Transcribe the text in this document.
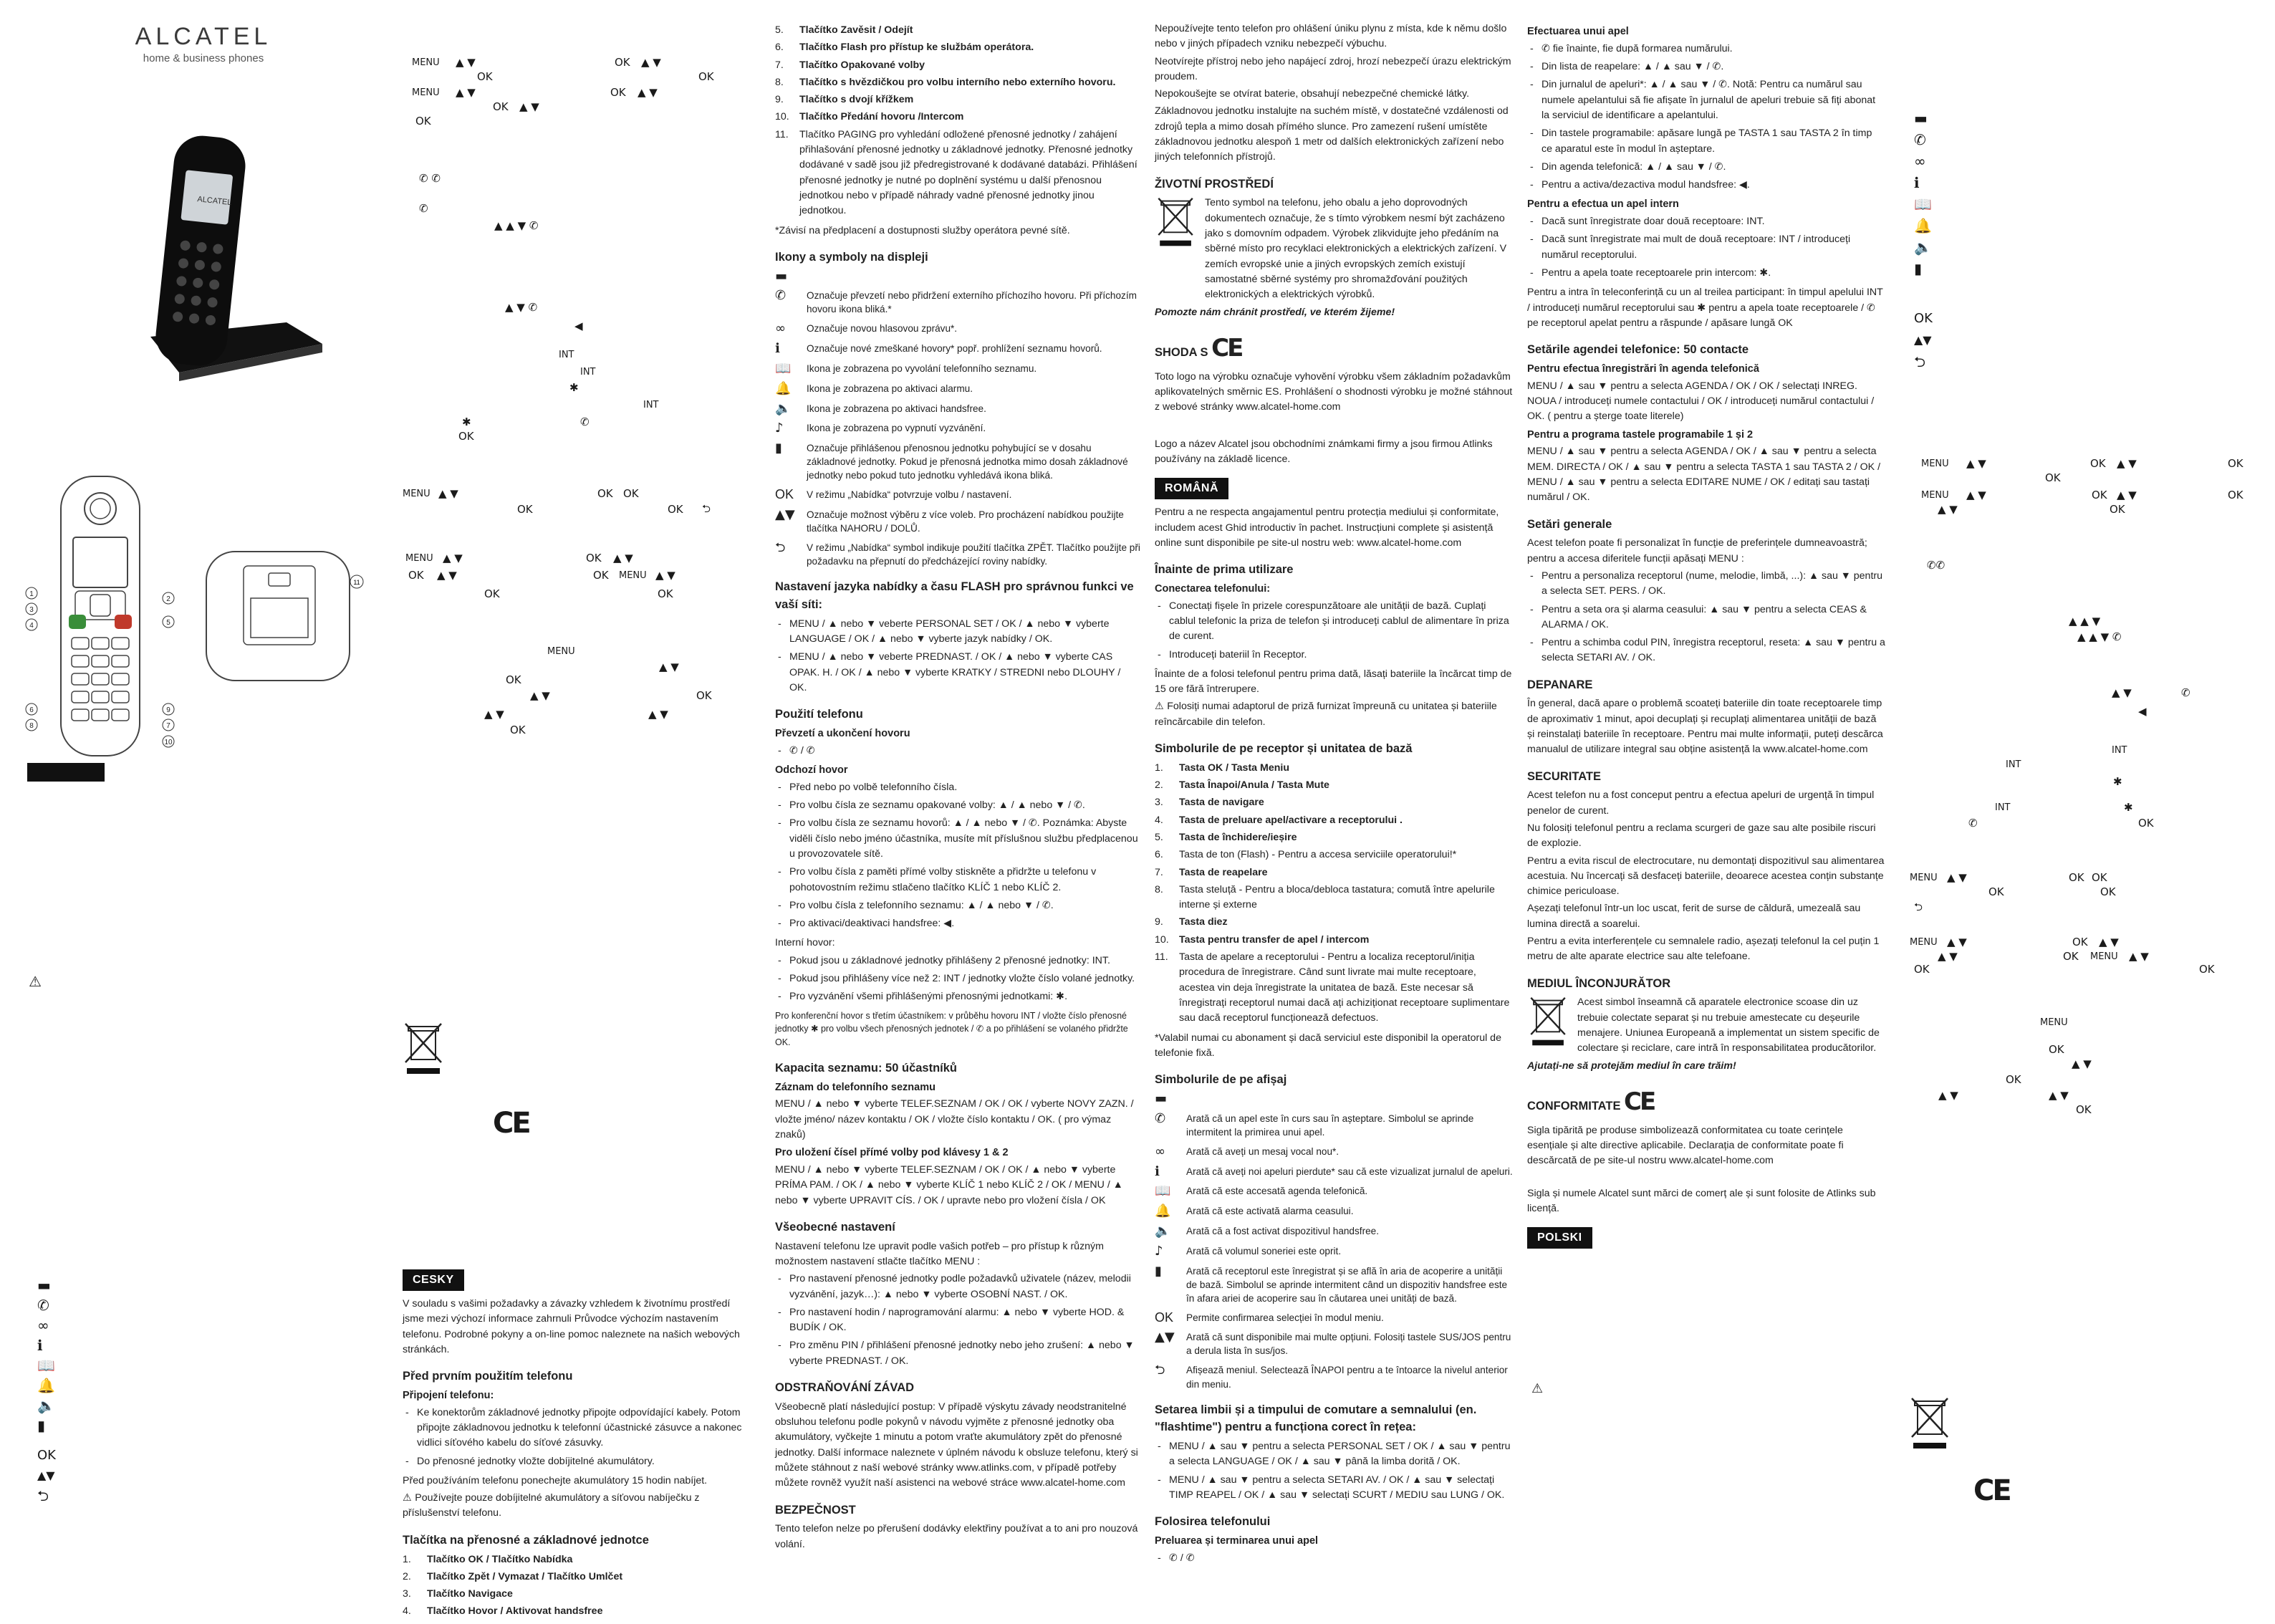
ALCATEL
home & business phones
ALCATEL
1
3
4
6
8
2
5
9
7
10
11
⚠
▬
✆
∞
ℹ
📖
🔔
🔈
▮
OK
▲▼
⮌
MENU ▲ ▼	OK ▲ ▼
OK	OK
MENU ▲ ▼	OK ▲ ▼
OK ▲ ▼
OK
✆ ✆
✆
▲ ▲ ▼ ✆
▲ ▼ ✆
◀
INT
INT
✱
INT
✱	✆
OK
MENU ▲ ▼	OK OK
OK	OK ⮌
MENU ▲ ▼	OK ▲ ▼
OK ▲ ▼	OK MENU ▲ ▼
OK	OK
MENU
▲ ▼
OK
▲ ▼	OK
▲ ▼	▲ ▼
OK
CE
CESKY

V souladu s vašimi požadavky a závazky vzhledem k životnímu prostředí jsme mezi výchozí informace zahrnuli Průvodce výchozím nastavením telefonu. Podrobné pokyny a on-line pomoc naleznete na našich webových stránkách.

Před prvním použitím telefonu
Připojení telefonu:
- Ke konektorům základnové jednotky připojte odpovídající kabely. Potom připojte základnovou jednotku k telefonní účastnické zásuvce a nakonec vidlici síťového kabelu do síťové zásuvky.
- Do přenosné jednotky vložte dobíjitelné akumulátory.

Před používáním telefonu ponechejte akumulátory 15 hodin nabíjet.

⚠ Používejte pouze dobíjitelné akumulátory a síťovou nabíječku z příslušenství telefonu.

Tlačítka na přenosné a základnové jednotce
1. Tlačítko OK / Tlačítko Nabídka
2. Tlačítko Zpět / Vymazat / Tlačítko Umlčet
3. Tlačítko Navigace
4. Tlačítko Hovor / Aktivovat handsfree
5. Tlačítko Zavěsit / Odejít
6. Tlačítko Flash pro přístup ke službám operátora.
7. Tlačítko Opakované volby
8. Tlačítko s hvězdičkou pro volbu interního nebo externího hovoru.
9. Tlačítko s dvojí křížkem
10. Tlačítko Předání hovoru /Intercom
11. Tlačítko PAGING pro vyhledání odložené přenosné jednotky / zahájení přihlašování přenosné jednotky u základnové jednotky. Přenosné jednotky dodávané v sadě jsou již předregistrované k dodávané databázi. Přihlášení přenosné jednotky je nutné po doplnění systému u další přenosnou jednotkou nebo v případě náhrady vadné přenosné jednotky jinou jednotkou.

*Závisí na předplacení a dostupnosti služby operátora pevné sítě.

Ikony a symboly na displeji
▬
✆	Označuje převzetí nebo přidržení externího příchozího hovoru. Při příchozím hovoru ikona bliká.*
∞	Označuje novou hlasovou zprávu*.
ℹ	Označuje nové zmeškané hovory* popř. prohlížení seznamu hovorů.
📖	Ikona je zobrazena po vyvolání telefonního seznamu.
🔔	Ikona je zobrazena po aktivaci alarmu.
🔈	Ikona je zobrazena po aktivaci handsfree.
♪	Ikona je zobrazena po vypnutí vyzvánění.
▮	Označuje přihlášenou přenosnou jednotku pohybující se v dosahu základnové jednotky. Pokud je přenosná jednotka mimo dosah základnové jednotky nebo pokud tuto jednotku vyhledává ikona bliká.
OK	V režimu „Nabídka“ potvrzuje volbu / nastavení.
▲▼	Označuje možnost výběru z více voleb. Pro procházení nabídkou použijte tlačítka NAHORU / DOLŮ.
⮌	V režimu „Nabídka“ symbol indikuje použití tlačítka ZPĚT. Tlačítko použijte při požadavku na přepnutí do předcházející roviny nabídky.
Nastavení jazyka nabídky a času FLASH pro správnou funkci ve vaší síti:
- MENU / ▲ nebo ▼ veberte PERSONAL SET / OK / ▲ nebo ▼ vyberte LANGUAGE / OK / ▲ nebo ▼ vyberte jazyk nabídky / OK.
- MENU / ▲ nebo ▼ veberte PREDNAST. / OK / ▲ nebo ▼ vyberte CAS OPAK. H. / OK / ▲ nebo ▼ vyberte KRATKY / STREDNI nebo DLOUHY / OK.
Použití telefonu
Převzetí a ukončení hovoru
- ✆ / ✆
Odchozí hovor
- Před nebo po volbě telefonního čísla.
- Pro volbu čísla ze seznamu opakované volby: ▲ / ▲ nebo ▼ / ✆.
- Pro volbu čísla ze seznamu hovorů: ▲ / ▲ nebo ▼ / ✆. Poznámka: Abyste viděli číslo nebo jméno účastníka, musíte mít příslušnou službu předplacenou u provozovatele sítě.
- Pro volbu čísla z paměti přímé volby stiskněte a přidržte u telefonu v pohotovostním režimu stlačeno tlačítko KLÍČ 1 nebo KLÍČ 2.
- Pro volbu čísla z telefonního seznamu: ▲ / ▲ nebo ▼ / ✆.
- Pro aktivaci/deaktivaci handsfree: ◀.

Interní hovor:

- Pokud jsou u základnové jednotky přihlášeny 2 přenosné jednotky: INT.
- Pokud jsou přihlášeny více než 2: INT / jednotky vložte číslo volané jednotky.
- Pro vyzvánění všemi přihlášenými přenosnými jednotkami: ✱.

Pro konferenční hovor s třetím účastníkem: v průběhu hovoru INT / vložte číslo přenosné jednotky ✱ pro volbu všech přenosných jednotek / ✆ a po přihlášení se volaného přidržte OK.

Kapacita seznamu: 50 účastníků
Záznam do telefonního seznamu

MENU / ▲ nebo ▼ vyberte TELEF.SEZNAM / OK / OK / vyberte NOVY ZAZN. / vložte jméno/ název kontaktu / OK / vložte číslo kontaktu / OK. ( pro výmaz znaků)

Pro uložení čísel přímé volby pod klávesy 1 & 2

MENU / ▲ nebo ▼ vyberte TELEF.SEZNAM / OK / OK / ▲ nebo ▼ vyberte PRÍMA PAM. / OK / ▲ nebo ▼ vyberte KLÍČ 1 nebo KLÍČ 2 / OK / MENU / ▲ nebo ▼ vyberte UPRAVIT CÍS. / OK / upravte nebo pro vložení čísla / OK

Všeobecné nastavení

Nastavení telefonu lze upravit podle vašich potřeb – pro přístup k různým možnostem nastavení stlačte tlačítko MENU :

- Pro nastavení přenosné jednotky podle požadavků uživatele (název, melodii vyzvánění, jazyk…): ▲ nebo ▼ vyberte OSOBNÍ NAST. / OK.
- Pro nastavení hodin / naprogramování alarmu: ▲ nebo ▼ vyberte HOD. & BUDÍK / OK.
- Pro změnu PIN / přihlášení přenosné jednotky nebo jeho zrušení: ▲ nebo ▼ vyberte PREDNAST. / OK.
ODSTRAŇOVÁNÍ ZÁVAD

Všeobecně platí následující postup: V případě výskytu závady neodstranitelné obsluhou telefonu podle pokynů v návodu vyjměte z přenosné jednotky oba akumulátory, vyčkejte 1 minutu a potom vraťte akumulátory zpět do přenosné jednotky. Další informace naleznete v úplném návodu k obsluze telefonu, který si můžete stáhnout z naší webové stránky www.atlinks.com, v případě potřeby můžete rovněž využít naší asistenci na webové stráce www.alcatel-home.com

BEZPEČNOST

Tento telefon nelze po přerušení dodávky elektřiny používat a to ani pro nouzová volání.

Nepoužívejte tento telefon pro ohlášení úniku plynu z místa, kde k němu došlo nebo v jiných případech vzniku nebezpečí výbuchu.

Neotvírejte přístroj nebo jeho napájecí zdroj, hrozí nebezpečí úrazu elektrickým proudem.

Nepokoušejte se otvírat baterie, obsahují nebezpečné chemické látky.

Základnovou jednotku instalujte na suchém místě, v dostatečné vzdálenosti od zdrojů tepla a mimo dosah přímého slunce. Pro zamezení rušení umístěte základnovou jednotku alespoň 1 metr od dalších elektronických zařízení nebo jiných telefonních přístrojů.

ŽIVOTNÍ PROSTŘEDÍ

Tento symbol na telefonu, jeho obalu a jeho doprovodných dokumentech označuje, že s tímto výrobkem nesmí být zacházeno jako s domovním odpadem. Výrobek zlikvidujte jeho předáním na sběrné místo pro recyklaci elektronických a elektrických zařízení. V zemích evropské unie a jiných evropských zemích existují samostatné sběrné systémy pro shromažďování použitých elektronických a elektrických výrobků.

Pomozte nám chránit prostředí, ve kterém žijeme!

SHODA S CE

Toto logo na výrobku označuje vyhovění výrobku všem základním požadavkům aplikovatelných směrnic ES. Prohlášení o shodnosti výrobku je možné stáhnout z webové stránky www.alcatel-home.com

Logo a název Alcatel jsou obchodními známkami firmy a jsou firmou Atlinks používány na základě licence.

ROMÂNĂ

Pentru a ne respecta angajamentul pentru protecția mediului și conformitate, includem acest Ghid introductiv în pachet. Instrucțiuni complete și asistență online sunt disponibile pe site-ul nostru web: www.alcatel-home.com

Înainte de prima utilizare
Conectarea telefonului:
- Conectați fișele în prizele corespunzătoare ale unității de bază. Cuplați cablul telefonic la priza de telefon și introduceți cablul de alimentare în priza de curent.
- Introduceți bateriil în Receptor.

Înainte de a folosi telefonul pentru prima dată, lăsați bateriile la încărcat timp de 15 ore fără întrerupere.

⚠ Folosiți numai adaptorul de priză furnizat împreună cu unitatea și bateriile reîncărcabile din telefon.

Simbolurile de pe receptor și unitatea de bază
1. Tasta OK / Tasta Meniu
2. Tasta Înapoi/Anula / Tasta Mute
3. Tasta de navigare
4. Tasta de preluare apel/activare a receptorului .
5. Tasta de închidere/ieșire
6. Tasta de ton (Flash) - Pentru a accesa serviciile operatorului!*
7. Tasta de reapelare
8. Tasta steluță - Pentru a bloca/debloca tastatura; comută între apelurile interne și externe
9. Tasta diez
10. Tasta pentru transfer de apel / intercom
11. Tasta de apelare a receptorului - Pentru a localiza receptorul/iniția procedura de înregistrare. Când sunt livrate mai multe receptoare, acestea vin deja înregistrate la unitatea de bază. Este necesar să înregistrați receptorul numai dacă ați achiziționat receptoare suplimentare sau dacă receptorul funcționează defectuos.

*Valabil numai cu abonament și dacă serviciul este disponibil la operatorul de telefonie fixă.

Simbolurile de pe afișaj
▬
✆	Arată că un apel este în curs sau în așteptare. Simbolul se aprinde intermitent la primirea unui apel.
∞	Arată că aveți un mesaj vocal nou*.
ℹ	Arată că aveți noi apeluri pierdute* sau că este vizualizat jurnalul de apeluri.
📖	Arată că este accesată agenda telefonică.
🔔	Arată că este activată alarma ceasului.
🔈	Arată că a fost activat dispozitivul handsfree.
♪	Arată că volumul soneriei este oprit.
▮	Arată că receptorul este înregistrat și se află în aria de acoperire a unității de bază. Simbolul se aprinde intermitent când un dispozitiv handsfree este în afara ariei de acoperire sau în căutarea unei unități de bază.
OK	Permite confirmarea selecției în modul meniu.
▲▼	Arată că sunt disponibile mai multe opțiuni. Folosiți tastele SUS/JOS pentru a derula lista în sus/jos.
⮌	Afișează meniul. Selectează ÎNAPOI pentru a te întoarce la nivelul anterior din meniu.
Setarea limbii și a timpului de comutare a semnalului (en. "flashtime") pentru a funcționa corect în rețea:
- MENU / ▲ sau ▼ pentru a selecta PERSONAL SET / OK / ▲ sau ▼ pentru a selecta LANGUAGE / OK / ▲ sau ▼ până la limba dorită / OK.
- MENU / ▲ sau ▼ pentru a selecta SETARI AV. / OK / ▲ sau ▼ selectați TIMP REAPEL / OK / ▲ sau ▼ selectați SCURT / MEDIU sau LUNG / OK.
Folosirea telefonului
Preluarea și terminarea unui apel
- ✆ / ✆
Efectuarea unui apel
- ✆ fie înainte, fie după formarea numărului.
- Din lista de reapelare: ▲ / ▲ sau ▼ / ✆.
- Din jurnalul de apeluri*: ▲ / ▲ sau ▼ / ✆. Notă: Pentru ca numărul sau numele apelantului să fie afișate în jurnalul de apeluri trebuie să fiți abonat la serviciul de identificare a apelantului.
- Din tastele programabile: apăsare lungă pe TASTA 1 sau TASTA 2 în timp ce aparatul este în modul în așteptare.
- Din agenda telefonică: ▲ / ▲ sau ▼ / ✆.
- Pentru a activa/dezactiva modul handsfree: ◀.
Pentru a efectua un apel intern
- Dacă sunt înregistrate doar două receptoare: INT.
- Dacă sunt înregistrate mai mult de două receptoare: INT / introduceți numărul receptorului.
- Pentru a apela toate receptoarele prin intercom: ✱.

Pentru a intra în teleconferință cu un al treilea participant: în timpul apelului INT / introduceți numărul receptorului sau ✱ pentru a apela toate receptoarele / ✆ pe receptorul apelat pentru a răspunde / apăsare lungă OK

Setările agendei telefonice: 50 contacte
Pentru efectua înregistrări în agenda telefonică

MENU / ▲ sau ▼ pentru a selecta AGENDA / OK / OK / selectați INREG. NOUA / introduceți numele contactului / OK / introduceți numărul contactului / OK. ( pentru a șterge toate literele)

Pentru a programa tastele programabile 1 și 2

MENU / ▲ sau ▼ pentru a selecta AGENDA / OK / ▲ sau ▼ pentru a selecta MEM. DIRECTA / OK / ▲ sau ▼ pentru a selecta TASTA 1 sau TASTA 2 / OK / MENU / ▲ sau ▼ pentru a selecta EDITARE NUME / OK / editați sau tastați numărul / OK.

Setări generale

Acest telefon poate fi personalizat în funcție de preferințele dumneavoastră; pentru a accesa diferitele funcții apăsați MENU :

- Pentru a personaliza receptorul (nume, melodie, limbă, ...): ▲ sau ▼ pentru a selecta SET. PERS. / OK.
- Pentru a seta ora și alarma ceasului: ▲ sau ▼ pentru a selecta CEAS & ALARMA / OK.
- Pentru a schimba codul PIN, înregistra receptorul, reseta: ▲ sau ▼ pentru a selecta SETARI AV. / OK.
DEPANARE

În general, dacă apare o problemă scoateți bateriile din toate receptoarele timp de aproximativ 1 minut, apoi decuplați și recuplați alimentarea unității de bază și reinstalați bateriile în receptoare. Pentru mai multe informații, puteți descărca manualul de utilizare integral sau obține asistență la www.alcatel-home.com

SECURITATE

Acest telefon nu a fost conceput pentru a efectua apeluri de urgență în timpul penelor de curent.

Nu folosiți telefonul pentru a reclama scurgeri de gaze sau alte posibile riscuri de explozie.

Pentru a evita riscul de electrocutare, nu demontați dispozitivul sau alimentarea acestuia. Nu încercați să desfaceți bateriile, deoarece acestea conțin substanțe chimice periculoase.

Așezați telefonul într-un loc uscat, ferit de surse de căldură, umezeală sau lumina directă a soarelui.

Pentru a evita interferențele cu semnalele radio, așezați telefonul la cel puțin 1 metru de alte aparate electrice sau alte telefoane.

MEDIUL ÎNCONJURĂTOR

Acest simbol înseamnă că aparatele electronice scoase din uz trebuie colectate separat și nu trebuie amestecate cu deșeurile menajere. Uniunea Europeană a implementat un sistem specific de colectare și reciclare, care intră în responsabilitatea producătorilor.

Ajutați-ne să protejăm mediul în care trăim!

CONFORMITATE CE

Sigla tipărită pe produse simbolizează conformitatea cu toate cerințele esențiale și alte directive aplicabile. Declarația de conformitate poate fi descărcată de pe site-ul nostru www.alcatel-home.com

Sigla și numele Alcatel sunt mărci de comerț ale și sunt folosite de Atlinks sub licență.

POLSKI
⚠
▬
✆
∞
ℹ
📖
🔔
🔈
▮
OK
▲▼
⮌
MENU ▲ ▼	OK ▲ ▼	OK
OK
MENU ▲ ▼	OK ▲ ▼	OK
▲ ▼	OK
✆✆
▲ ▲ ▼
▲ ▲ ▼ ✆
▲ ▼	✆
◀
INT
INT
✱
INT	✱
✆	OK
MENU ▲ ▼	OK OK
OK	OK
⮌
MENU ▲ ▼	OK ▲ ▼
▲ ▼	OK MENU ▲ ▼
OK	OK
MENU
OK
▲ ▼
OK
▲ ▼	▲ ▼
OK
CE
